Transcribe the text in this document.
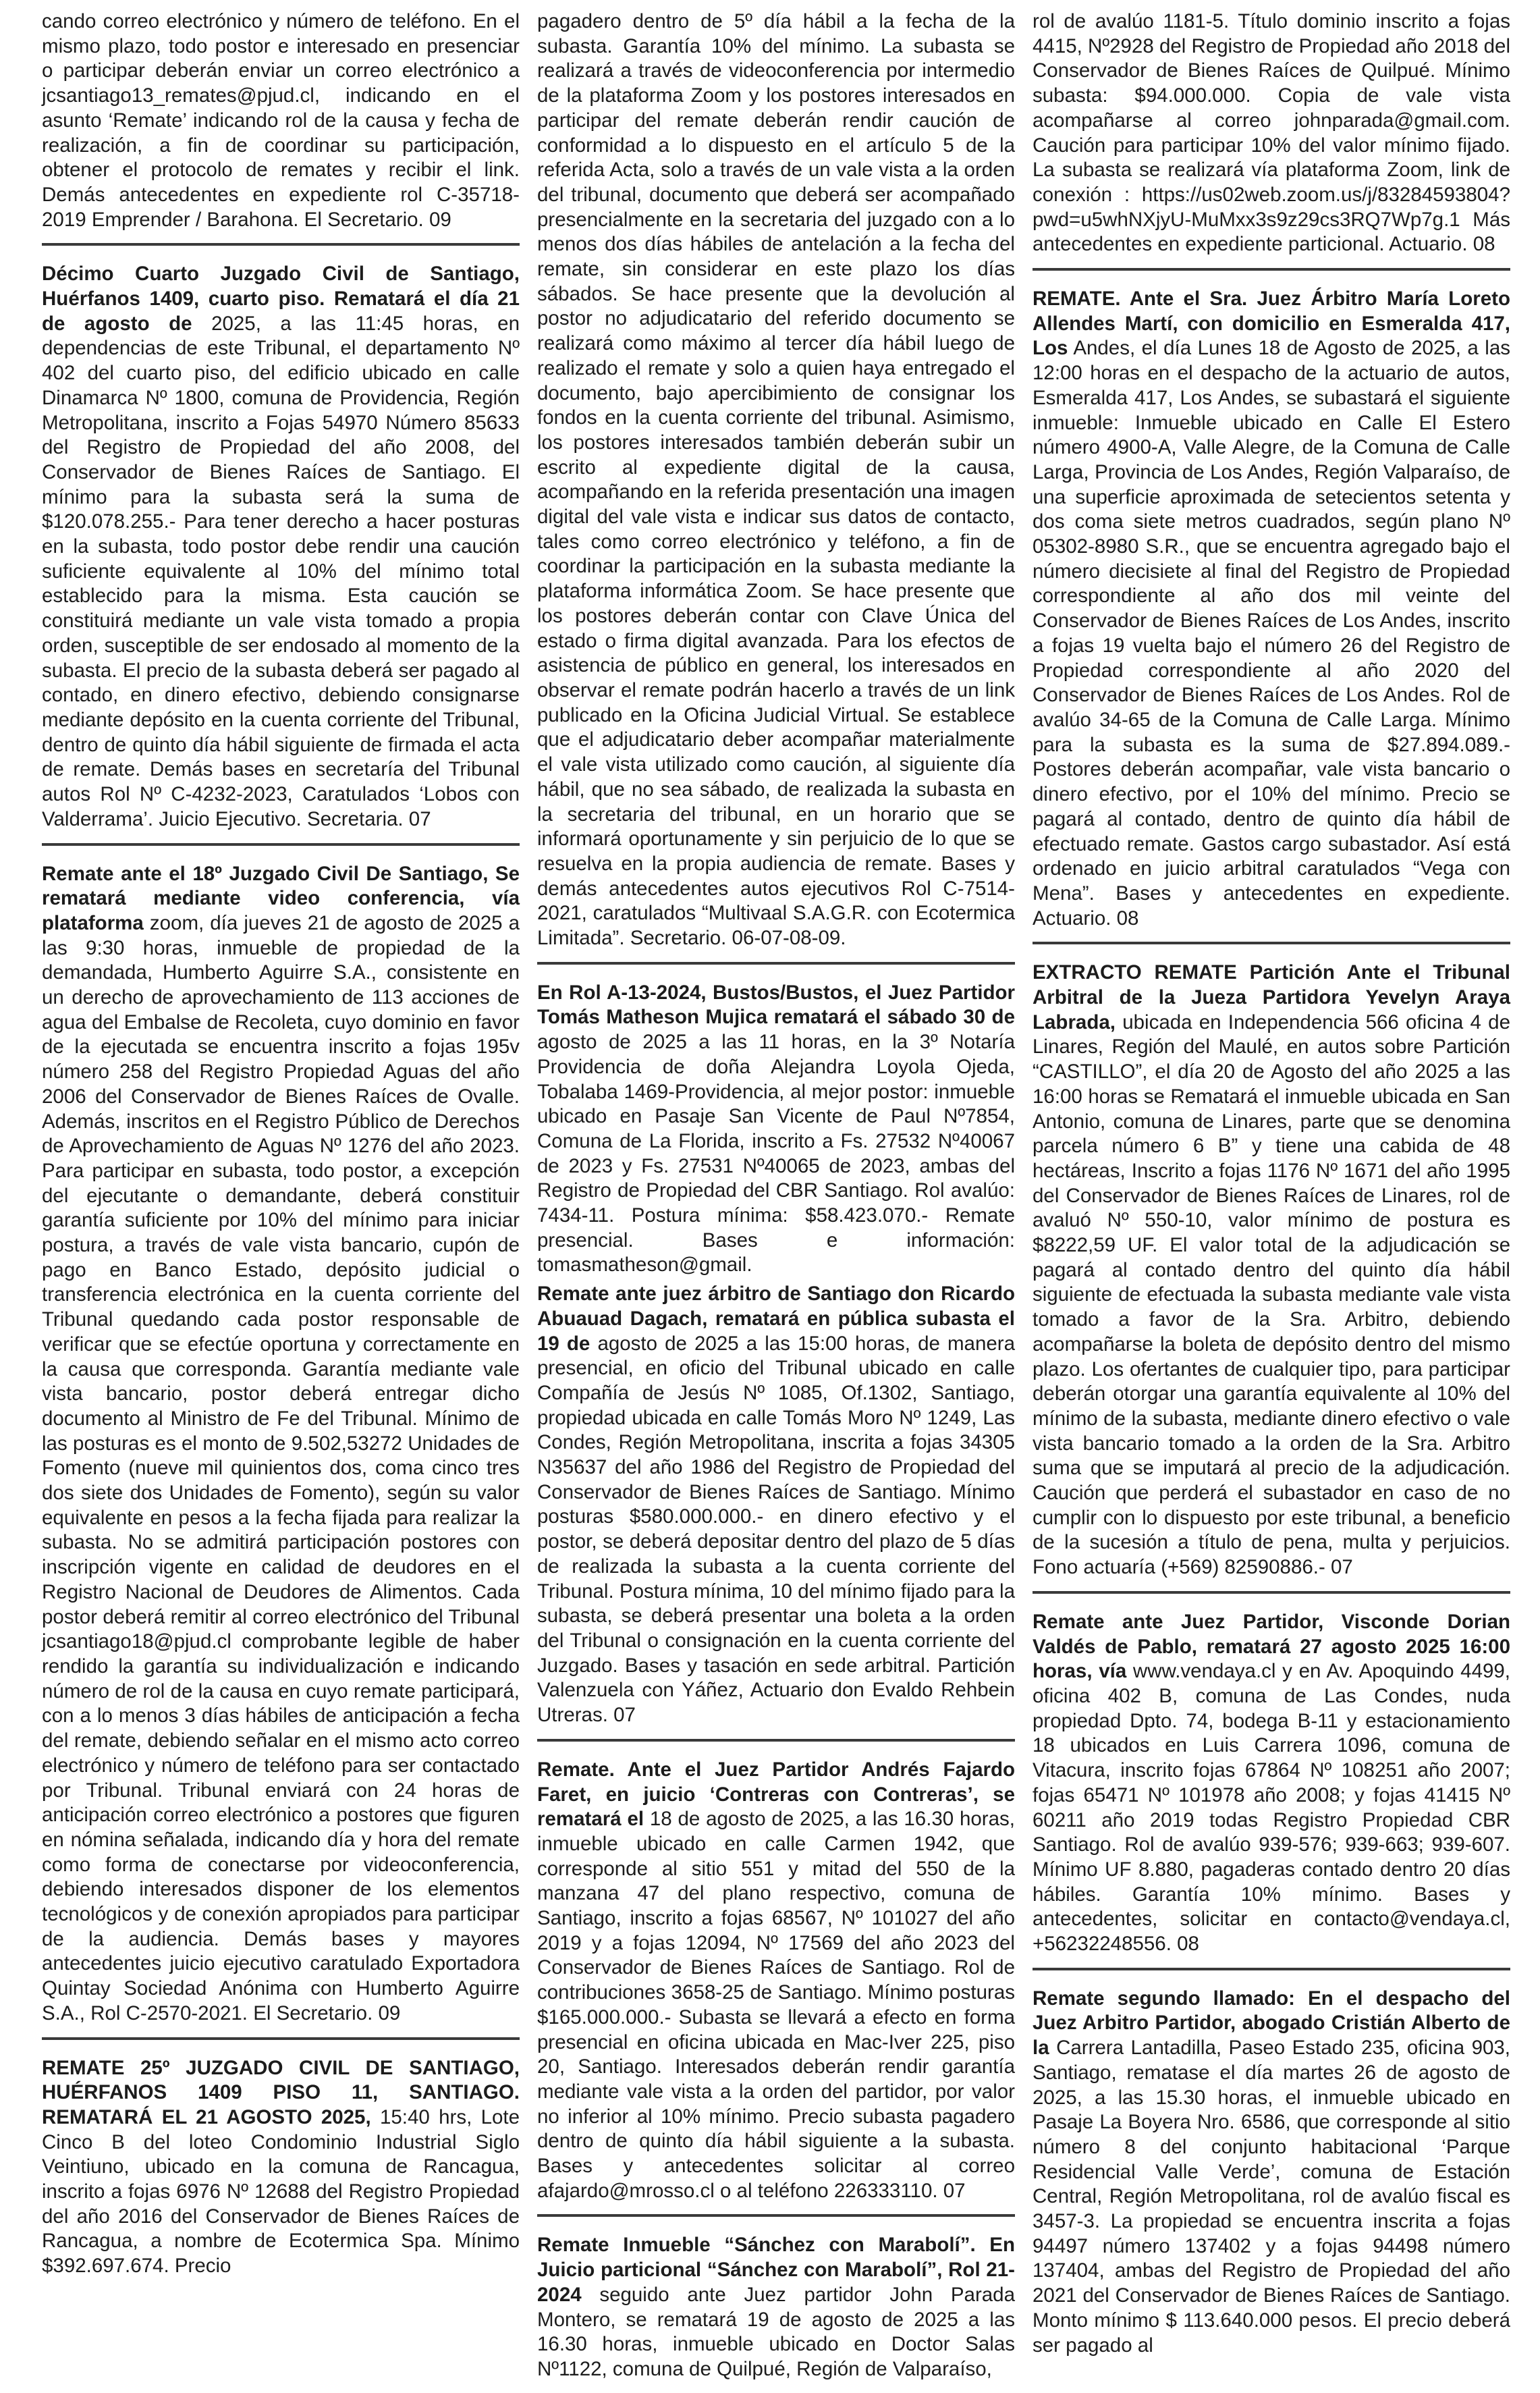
cando correo electrónico y número de teléfono. En el mismo plazo, todo postor e interesado en presenciar o participar deberán enviar un correo electrónico a jcsantiago13_remates@pjud.cl, indicando en el asunto ‘Remate’ indicando rol de la causa y fecha de realización, a fin de coordinar su participación, obtener el protocolo de remates y recibir el link. Demás antecedentes en expediente rol C-35718-2019 Emprender / Barahona. El Secretario. 09
Décimo Cuarto Juzgado Civil de Santiago, Huérfanos 1409, cuarto piso. Rematará el día 21 de agosto de 2025, a las 11:45 horas, en dependencias de este Tribunal, el departamento Nº 402 del cuarto piso, del edificio ubicado en calle Dinamarca Nº 1800, comuna de Providencia, Región Metropolitana, inscrito a Fojas 54970 Número 85633 del Registro de Propiedad del año 2008, del Conservador de Bienes Raíces de Santiago. El mínimo para la subasta será la suma de $120.078.255.- Para tener derecho a hacer posturas en la subasta, todo postor debe rendir una caución suficiente equivalente al 10% del mínimo total establecido para la misma. Esta caución se constituirá mediante un vale vista tomado a propia orden, susceptible de ser endosado al momento de la subasta. El precio de la subasta deberá ser pagado al contado, en dinero efectivo, debiendo consignarse mediante depósito en la cuenta corriente del Tribunal, dentro de quinto día hábil siguiente de firmada el acta de remate. Demás bases en secretaría del Tribunal autos Rol Nº C-4232-2023, Caratulados ‘Lobos con Valderrama’. Juicio Ejecutivo. Secretaria. 07
Remate ante el 18º Juzgado Civil De Santiago, Se rematará mediante video conferencia, vía plataforma zoom, día jueves 21 de agosto de 2025 a las 9:30 horas, inmueble de propiedad de la demandada, Humberto Aguirre S.A., consistente en un derecho de aprovechamiento de 113 acciones de agua del Embalse de Recoleta, cuyo dominio en favor de la ejecutada se encuentra inscrito a fojas 195v número 258 del Registro Propiedad Aguas del año 2006 del Conservador de Bienes Raíces de Ovalle. Además, inscritos en el Registro Público de Derechos de Aprovechamiento de Aguas Nº 1276 del año 2023. Para participar en subasta, todo postor, a excepción del ejecutante o demandante, deberá constituir garantía suficiente por 10% del mínimo para iniciar postura, a través de vale vista bancario, cupón de pago en Banco Estado, depósito judicial o transferencia electrónica en la cuenta corriente del Tribunal quedando cada postor responsable de verificar que se efectúe oportuna y correctamente en la causa que corresponda. Garantía mediante vale vista bancario, postor deberá entregar dicho documento al Ministro de Fe del Tribunal. Mínimo de las posturas es el monto de 9.502,53272 Unidades de Fomento (nueve mil quinientos dos, coma cinco tres dos siete dos Unidades de Fomento), según su valor equivalente en pesos a la fecha fijada para realizar la subasta. No se admitirá participación postores con inscripción vigente en calidad de deudores en el Registro Nacional de Deudores de Alimentos. Cada postor deberá remitir al correo electrónico del Tribunal jcsantiago18@pjud.cl comprobante legible de haber rendido la garantía su individualización e indicando número de rol de la causa en cuyo remate participará, con a lo menos 3 días hábiles de anticipación a fecha del remate, debiendo señalar en el mismo acto correo electrónico y número de teléfono para ser contactado por Tribunal. Tribunal enviará con 24 horas de anticipación correo electrónico a postores que figuren en nómina señalada, indicando día y hora del remate como forma de conectarse por videoconferencia, debiendo interesados disponer de los elementos tecnológicos y de conexión apropiados para participar de la audiencia. Demás bases y mayores antecedentes juicio ejecutivo caratulado Exportadora Quintay Sociedad Anónima con Humberto Aguirre S.A., Rol C-2570-2021. El Secretario. 09
REMATE 25º JUZGADO CIVIL DE SANTIAGO, HUÉRFANOS 1409 PISO 11, SANTIAGO. REMATARÁ EL 21 AGOSTO 2025, 15:40 hrs, Lote Cinco B del loteo Condominio Industrial Siglo Veintiuno, ubicado en la comuna de Rancagua, inscrito a fojas 6976 Nº 12688 del Registro Propiedad del año 2016 del Conservador de Bienes Raíces de Rancagua, a nombre de Ecotermica Spa. Mínimo $392.697.674. Precio
pagadero dentro de 5º día hábil a la fecha de la subasta. Garantía 10% del mínimo. La subasta se realizará a través de videoconferencia por intermedio de la plataforma Zoom y los postores interesados en participar del remate deberán rendir caución de conformidad a lo dispuesto en el artículo 5 de la referida Acta, solo a través de un vale vista a la orden del tribunal, documento que deberá ser acompañado presencialmente en la secretaria del juzgado con a lo menos dos días hábiles de antelación a la fecha del remate, sin considerar en este plazo los días sábados. Se hace presente que la devolución al postor no adjudicatario del referido documento se realizará como máximo al tercer día hábil luego de realizado el remate y solo a quien haya entregado el documento, bajo apercibimiento de consignar los fondos en la cuenta corriente del tribunal. Asimismo, los postores interesados también deberán subir un escrito al expediente digital de la causa, acompañando en la referida presentación una imagen digital del vale vista e indicar sus datos de contacto, tales como correo electrónico y teléfono, a fin de coordinar la participación en la subasta mediante la plataforma informática Zoom. Se hace presente que los postores deberán contar con Clave Única del estado o firma digital avanzada. Para los efectos de asistencia de público en general, los interesados en observar el remate podrán hacerlo a través de un link publicado en la Oficina Judicial Virtual. Se establece que el adjudicatario deber acompañar materialmente el vale vista utilizado como caución, al siguiente día hábil, que no sea sábado, de realizada la subasta en la secretaria del tribunal, en un horario que se informará oportunamente y sin perjuicio de lo que se resuelva en la propia audiencia de remate. Bases y demás antecedentes autos ejecutivos Rol C-7514-2021, caratulados “Multivaal S.A.G.R. con Ecotermica Limitada”. Secretario. 06-07-08-09.
En Rol A-13-2024, Bustos/Bustos, el Juez Partidor Tomás Matheson Mujica rematará el sábado 30 de agosto de 2025 a las 11 horas, en la 3º Notaría Providencia de doña Alejandra Loyola Ojeda, Tobalaba 1469-Providencia, al mejor postor: inmueble ubicado en Pasaje San Vicente de Paul Nº7854, Comuna de La Florida, inscrito a Fs. 27532 Nº40067 de 2023 y Fs. 27531 Nº40065 de 2023, ambas del Registro de Propiedad del CBR Santiago. Rol avalúo: 7434-11. Postura mínima: $58.423.070.- Remate presencial. Bases e información: tomasmatheson@gmail.
Remate ante juez árbitro de Santiago don Ricardo Abuauad Dagach, rematará en pública subasta el 19 de agosto de 2025 a las 15:00 horas, de manera presencial, en oficio del Tribunal ubicado en calle Compañía de Jesús Nº 1085, Of.1302, Santiago, propiedad ubicada en calle Tomás Moro Nº 1249, Las Condes, Región Metropolitana, inscrita a fojas 34305 N35637 del año 1986 del Registro de Propiedad del Conservador de Bienes Raíces de Santiago. Mínimo posturas $580.000.000.- en dinero efectivo y el postor, se deberá depositar dentro del plazo de 5 días de realizada la subasta a la cuenta corriente del Tribunal. Postura mínima, 10 del mínimo fijado para la subasta, se deberá presentar una boleta a la orden del Tribunal o consignación en la cuenta corriente del Juzgado. Bases y tasación en sede arbitral. Partición Valenzuela con Yáñez, Actuario don Evaldo Rehbein Utreras. 07
Remate. Ante el Juez Partidor Andrés Fajardo Faret, en juicio ‘Contreras con Contreras’, se rematará el 18 de agosto de 2025, a las 16.30 horas, inmueble ubicado en calle Carmen 1942, que corresponde al sitio 551 y mitad del 550 de la manzana 47 del plano respectivo, comuna de Santiago, inscrito a fojas 68567, Nº 101027 del año 2019 y a fojas 12094, Nº 17569 del año 2023 del Conservador de Bienes Raíces de Santiago. Rol de contribuciones 3658-25 de Santiago. Mínimo posturas $165.000.000.- Subasta se llevará a efecto en forma presencial en oficina ubicada en Mac-Iver 225, piso 20, Santiago. Interesados deberán rendir garantía mediante vale vista a la orden del partidor, por valor no inferior al 10% mínimo. Precio subasta pagadero dentro de quinto día hábil siguiente a la subasta. Bases y antecedentes solicitar al correo afajardo@mrosso.cl o al teléfono 226333110. 07
Remate Inmueble “Sánchez con Marabolí”. En Juicio particional “Sánchez con Marabolí”, Rol 21-2024 seguido ante Juez partidor John Parada Montero, se rematará 19 de agosto de 2025 a las 16.30 horas, inmueble ubicado en Doctor Salas Nº1122, comuna de Quilpué, Región de Valparaíso,
rol de avalúo 1181-5. Título dominio inscrito a fojas 4415, Nº2928 del Registro de Propiedad año 2018 del Conservador de Bienes Raíces de Quilpué. Mínimo subasta: $94.000.000. Copia de vale vista acompañarse al correo johnparada@gmail.com. Caución para participar 10% del valor mínimo fijado. La subasta se realizará vía plataforma Zoom, link de conexión : https://us02web.zoom.us/j/83284593804?pwd=u5whNXjyU-MuMxx3s9z29cs3RQ7Wp7g.1 Más antecedentes en expediente particional. Actuario. 08
REMATE. Ante el Sra. Juez Árbitro María Loreto Allendes Martí, con domicilio en Esmeralda 417, Los Andes, el día Lunes 18 de Agosto de 2025, a las 12:00 horas en el despacho de la actuario de autos, Esmeralda 417, Los Andes, se subastará el siguiente inmueble: Inmueble ubicado en Calle El Estero número 4900-A, Valle Alegre, de la Comuna de Calle Larga, Provincia de Los Andes, Región Valparaíso, de una superficie aproximada de setecientos setenta y dos coma siete metros cuadrados, según plano Nº 05302-8980 S.R., que se encuentra agregado bajo el número diecisiete al final del Registro de Propiedad correspondiente al año dos mil veinte del Conservador de Bienes Raíces de Los Andes, inscrito a fojas 19 vuelta bajo el número 26 del Registro de Propiedad correspondiente al año 2020 del Conservador de Bienes Raíces de Los Andes. Rol de avalúo 34-65 de la Comuna de Calle Larga. Mínimo para la subasta es la suma de $27.894.089.- Postores deberán acompañar, vale vista bancario o dinero efectivo, por el 10% del mínimo. Precio se pagará al contado, dentro de quinto día hábil de efectuado remate. Gastos cargo subastador. Así está ordenado en juicio arbitral caratulados “Vega con Mena”. Bases y antecedentes en expediente. Actuario. 08
EXTRACTO REMATE Partición Ante el Tribunal Arbitral de la Jueza Partidora Yevelyn Araya Labrada, ubicada en Independencia 566 oficina 4 de Linares, Región del Maulé, en autos sobre Partición “CASTILLO”, el día 20 de Agosto del año 2025 a las 16:00 horas se Rematará el inmueble ubicada en San Antonio, comuna de Linares, parte que se denomina parcela número 6 B” y tiene una cabida de 48 hectáreas, Inscrito a fojas 1176 Nº 1671 del año 1995 del Conservador de Bienes Raíces de Linares, rol de avaluó Nº 550-10, valor mínimo de postura es $8222,59 UF. El valor total de la adjudicación se pagará al contado dentro del quinto día hábil siguiente de efectuada la subasta mediante vale vista tomado a favor de la Sra. Arbitro, debiendo acompañarse la boleta de depósito dentro del mismo plazo. Los ofertantes de cualquier tipo, para participar deberán otorgar una garantía equivalente al 10% del mínimo de la subasta, mediante dinero efectivo o vale vista bancario tomado a la orden de la Sra. Arbitro suma que se imputará al precio de la adjudicación. Caución que perderá el subastador en caso de no cumplir con lo dispuesto por este tribunal, a beneficio de la sucesión a título de pena, multa y perjuicios. Fono actuaría (+569) 82590886.- 07
Remate ante Juez Partidor, Visconde Dorian Valdés de Pablo, rematará 27 agosto 2025 16:00 horas, vía www.vendaya.cl y en Av. Apoquindo 4499, oficina 402 B, comuna de Las Condes, nuda propiedad Dpto. 74, bodega B-11 y estacionamiento 18 ubicados en Luis Carrera 1096, comuna de Vitacura, inscrito fojas 67864 Nº 108251 año 2007; fojas 65471 Nº 101978 año 2008; y fojas 41415 Nº 60211 año 2019 todas Registro Propiedad CBR Santiago. Rol de avalúo 939-576; 939-663; 939-607. Mínimo UF 8.880, pagaderas contado dentro 20 días hábiles. Garantía 10% mínimo. Bases y antecedentes, solicitar en contacto@vendaya.cl, +56232248556. 08
Remate segundo llamado: En el despacho del Juez Arbitro Partidor, abogado Cristián Alberto de la Carrera Lantadilla, Paseo Estado 235, oficina 903, Santiago, rematase el día martes 26 de agosto de 2025, a las 15.30 horas, el inmueble ubicado en Pasaje La Boyera Nro. 6586, que corresponde al sitio número 8 del conjunto habitacional ‘Parque Residencial Valle Verde’, comuna de Estación Central, Región Metropolitana, rol de avalúo fiscal es 3457-3. La propiedad se encuentra inscrita a fojas 94497 número 137402 y a fojas 94498 número 137404, ambas del Registro de Propiedad del año 2021 del Conservador de Bienes Raíces de Santiago. Monto mínimo $ 113.640.000 pesos. El precio deberá ser pagado al
